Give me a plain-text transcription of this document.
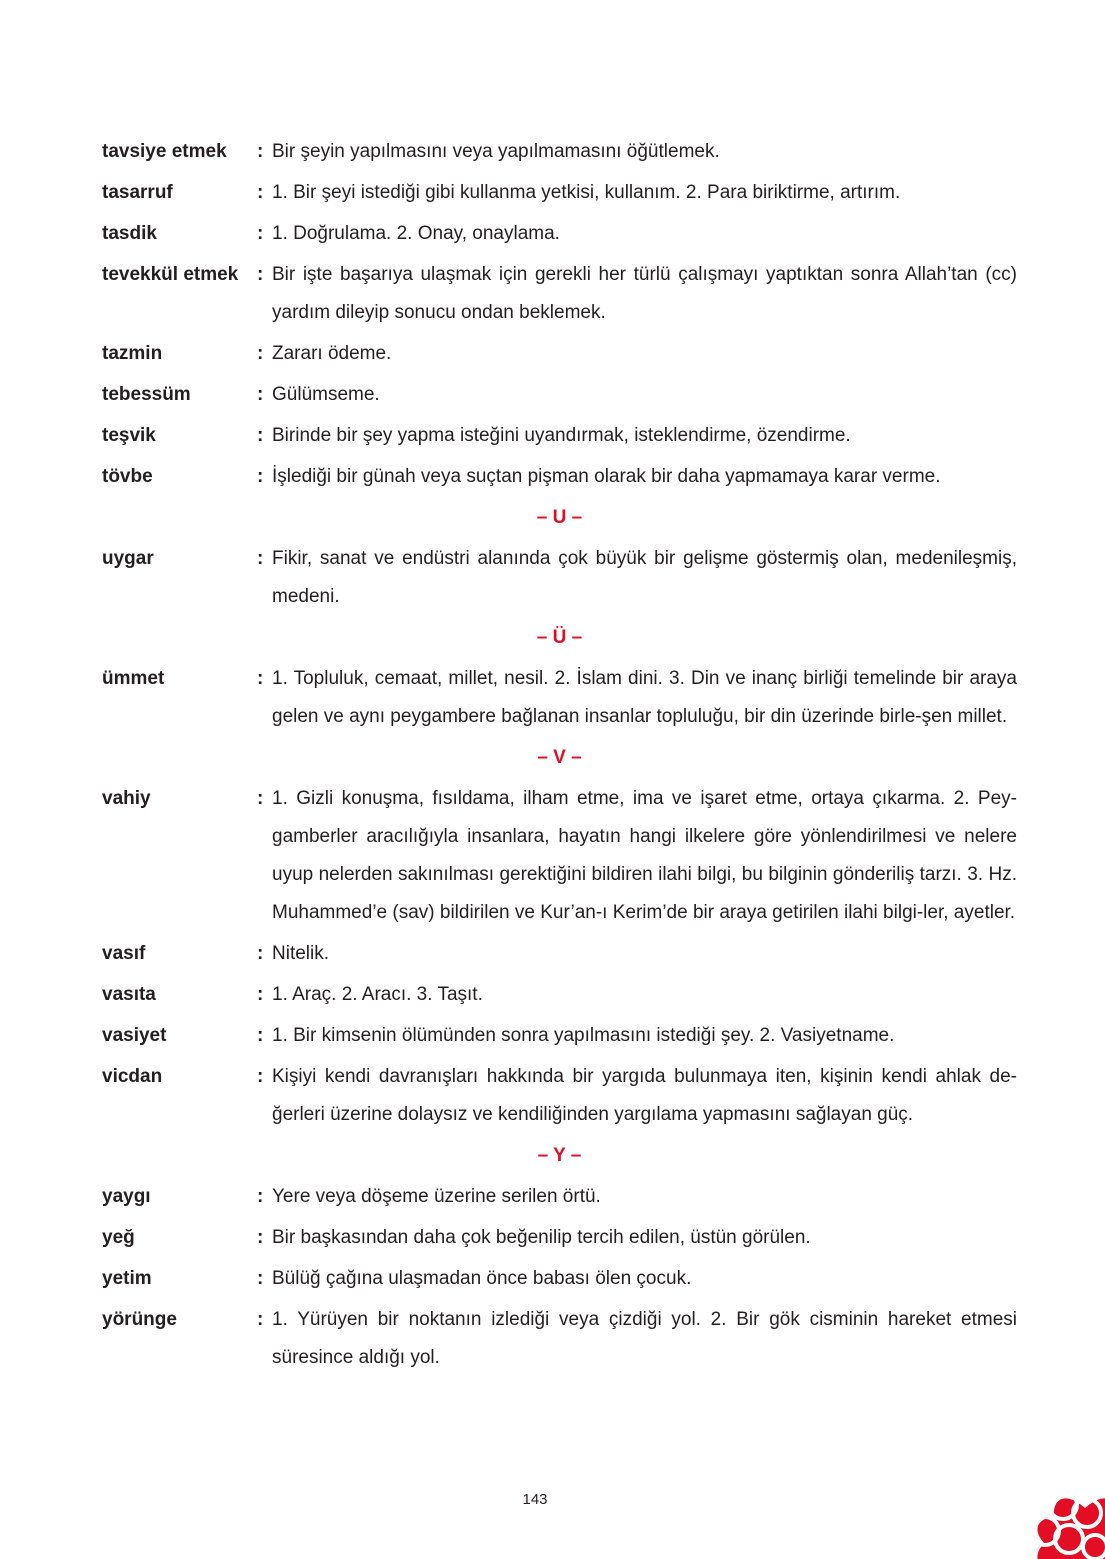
tavsiye etmek	: Bir şeyin yapılmasını veya yapılmamasını öğütlemek.
tasarruf	: 1. Bir şeyi istediği gibi kullanma yetkisi, kullanım. 2. Para biriktirme, artırım.
tasdik	: 1. Doğrulama. 2. Onay, onaylama.
tevekkül etmek : Bir işte başarıya ulaşmak için gerekli her türlü çalışmayı yaptıktan sonra Allah’tan (cc) yardım dileyip sonucu ondan beklemek.
tazmin	: Zararı ödeme.
tebessüm	: Gülümseme.
teşvik	: Birinde bir şey yapma isteğini uyandırmak, isteklendirme, özendirme.
tövbe	: İşlediği bir günah veya suçtan pişman olarak bir daha yapmamaya karar verme.
– U –
uygar	: Fikir, sanat ve endüstri alanında çok büyük bir gelişme göstermiş olan, medenileşmiş, medeni.
– Ü –
ümmet	: 1. Topluluk, cemaat, millet, nesil. 2. İslam dini. 3. Din ve inanç birliği temelinde bir araya gelen ve aynı peygambere bağlanan insanlar topluluğu, bir din üzerinde birle-şen millet.
– V –
vahiy	: 1. Gizli konuşma, fısıldama, ilham etme, ima ve işaret etme, ortaya çıkarma. 2. Pey-gamberler aracılığıyla insanlara, hayatın hangi ilkelere göre yönlendirilmesi ve nelere uyup nelerden sakınılması gerektiğini bildiren ilahi bilgi, bu bilginin gönderiliş tarzı. 3. Hz. Muhammed’e (sav) bildirilen ve Kur’an-ı Kerim’de bir araya getirilen ilahi bilgi-ler, ayetler.
vasıf	: Nitelik.
vasıta	: 1. Araç. 2. Aracı. 3. Taşıt.
vasiyet	: 1. Bir kimsenin ölümünden sonra yapılmasını istediği şey. 2. Vasiyetname.
vicdan	: Kişiyi kendi davranışları hakkında bir yargıda bulunmaya iten, kişinin kendi ahlak de-ğerleri üzerine dolaysız ve kendiliğinden yargılama yapmasını sağlayan güç.
– Y –
yaygı	: Yere veya döşeme üzerine serilen örtü.
yeğ	: Bir başkasından daha çok beğenilip tercih edilen, üstün görülen.
yetim	: Bülüğ çağına ulaşmadan önce babası ölen çocuk.
yörünge	: 1. Yürüyen bir noktanın izlediği veya çizdiği yol. 2. Bir gök cisminin hareket etmesi süresince aldığı yol.
143
